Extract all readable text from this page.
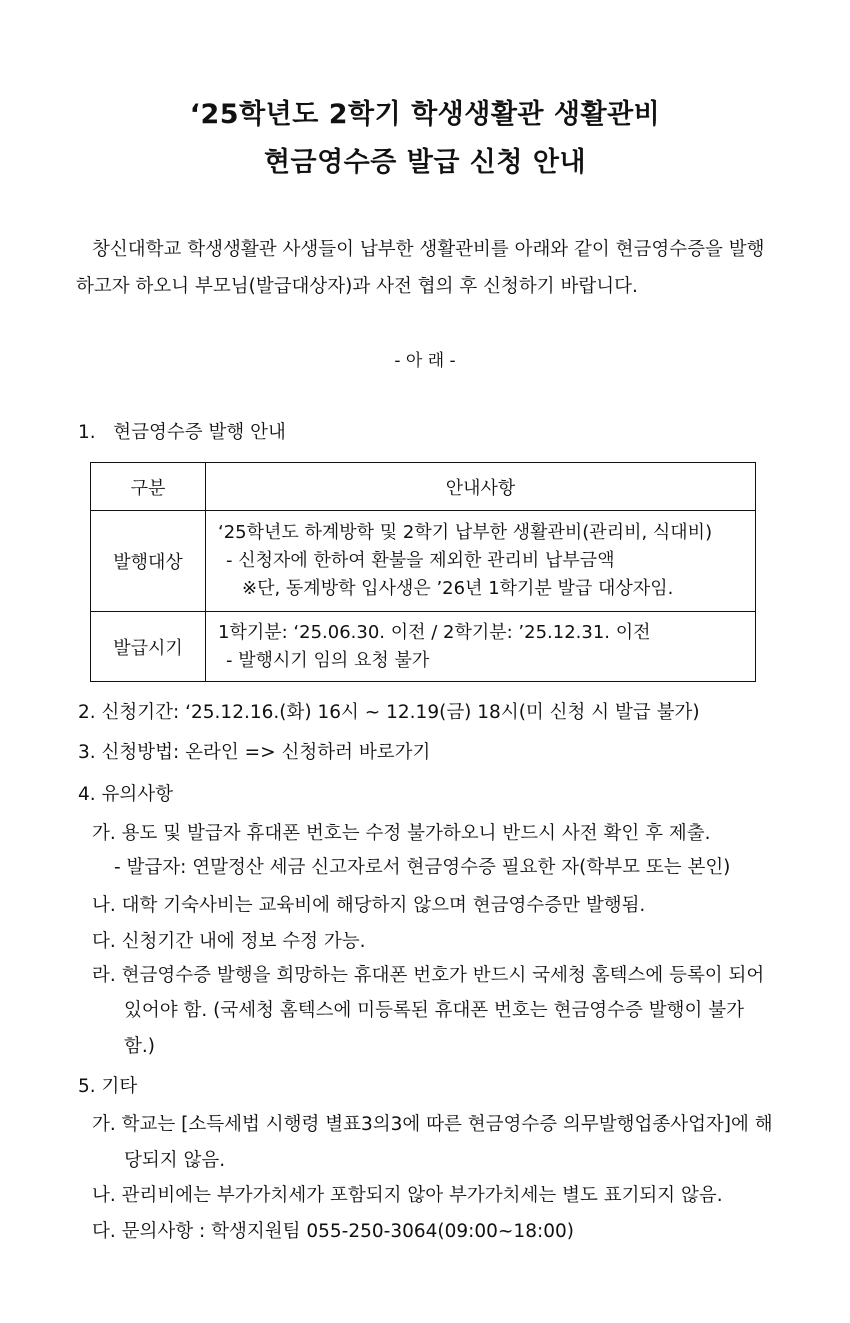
‘25학년도 2학기 학생생활관 생활관비
현금영수증 발급 신청 안내
창신대학교 학생생활관 사생들이 납부한 생활관비를 아래와 같이 현금영수증을 발행
하고자 하오니 부모님(발급대상자)과 사전 협의 후 신청하기 바랍니다.
- 아 래 -
1.   현금영수증 발행 안내
구분	안내사항
발행대상	‘25학년도 하계방학 및 2학기 납부한 생활관비(관리비, 식대비)
- 신청자에 한하여 환불을 제외한 관리비 납부금액
※단, 동계방학 입사생은 ’26년 1학기분 발급 대상자임.

발급시기	1학기분: ‘25.06.30. 이전 / 2학기분: ’25.12.31. 이전
- 발행시기 임의 요청 불가
2. 신청기간: ‘25.12.16.(화) 16시 ~ 12.19(금) 18시(미 신청 시 발급 불가)
3. 신청방법: 온라인 => 신청하러 바로가기
4. 유의사항
가. 용도 및 발급자 휴대폰 번호는 수정 불가하오니 반드시 사전 확인 후 제출.
- 발급자: 연말정산 세금 신고자로서 현금영수증 필요한 자(학부모 또는 본인)
나. 대학 기숙사비는 교육비에 해당하지 않으며 현금영수증만 발행됨.
다. 신청기간 내에 정보 수정 가능.
라. 현금영수증 발행을 희망하는 휴대폰 번호가 반드시 국세청 홈텍스에 등록이 되어
있어야 함. (국세청 홈텍스에 미등록된 휴대폰 번호는 현금영수증 발행이 불가
함.)
5. 기타
가. 학교는 [소득세법 시행령 별표3의3에 따른 현금영수증 의무발행업종사업자]에 해
당되지 않음.
나. 관리비에는 부가가치세가 포함되지 않아 부가가치세는 별도 표기되지 않음.
다. 문의사항 : 학생지원팀 055-250-3064(09:00~18:00)
